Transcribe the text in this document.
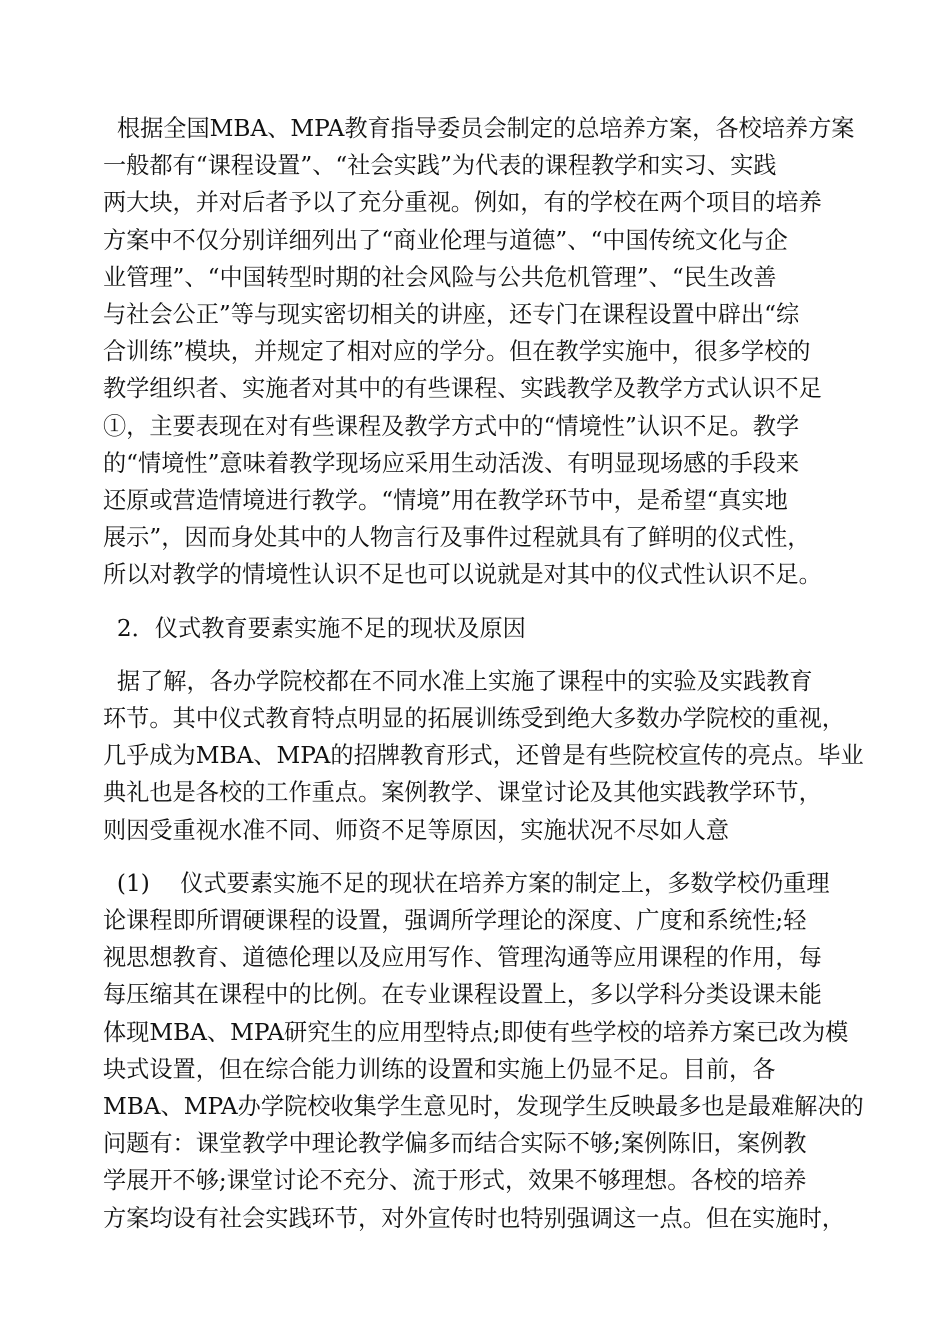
根据全国MBA、MPA教育指导委员会制定的总培养方案，各校培养方案
一般都有“课程设置”、“社会实践”为代表的课程教学和实习、实践
两大块，并对后者予以了充分重视。例如，有的学校在两个项目的培养
方案中不仅分别详细列出了“商业伦理与道德”、“中国传统文化与企
业管理”、“中国转型时期的社会风险与公共危机管理”、“民生改善
与社会公正”等与现实密切相关的讲座，还专门在课程设置中辟出“综
合训练”模块，并规定了相对应的学分。但在教学实施中，很多学校的
教学组织者、实施者对其中的有些课程、实践教学及教学方式认识不足
①，主要表现在对有些课程及教学方式中的“情境性”认识不足。教学
的“情境性”意味着教学现场应采用生动活泼、有明显现场感的手段来
还原或营造情境进行教学。“情境”用在教学环节中，是希望“真实地
展示”，因而身处其中的人物言行及事件过程就具有了鲜明的仪式性，
所以对教学的情境性认识不足也可以说就是对其中的仪式性认识不足。

2．仪式教育要素实施不足的现状及原因

据了解，各办学院校都在不同水准上实施了课程中的实验及实践教育
环节。其中仪式教育特点明显的拓展训练受到绝大多数办学院校的重视，
几乎成为MBA、MPA的招牌教育形式，还曾是有些院校宣传的亮点。毕业
典礼也是各校的工作重点。案例教学、课堂讨论及其他实践教学环节，
则因受重视水准不同、师资不足等原因，实施状况不尽如人意

(1)　 仪式要素实施不足的现状在培养方案的制定上，多数学校仍重理
论课程即所谓硬课程的设置，强调所学理论的深度、广度和系统性;轻
视思想教育、道德伦理以及应用写作、管理沟通等应用课程的作用，每
每压缩其在课程中的比例。在专业课程设置上，多以学科分类设课未能
体现MBA、MPA研究生的应用型特点;即使有些学校的培养方案已改为模
块式设置，但在综合能力训练的设置和实施上仍显不足。目前，各
MBA、MPA办学院校收集学生意见时，发现学生反映最多也是最难解决的
问题有：课堂教学中理论教学偏多而结合实际不够;案例陈旧，案例教
学展开不够;课堂讨论不充分、流于形式，效果不够理想。各校的培养
方案均设有社会实践环节，对外宣传时也特别强调这一点。但在实施时，
